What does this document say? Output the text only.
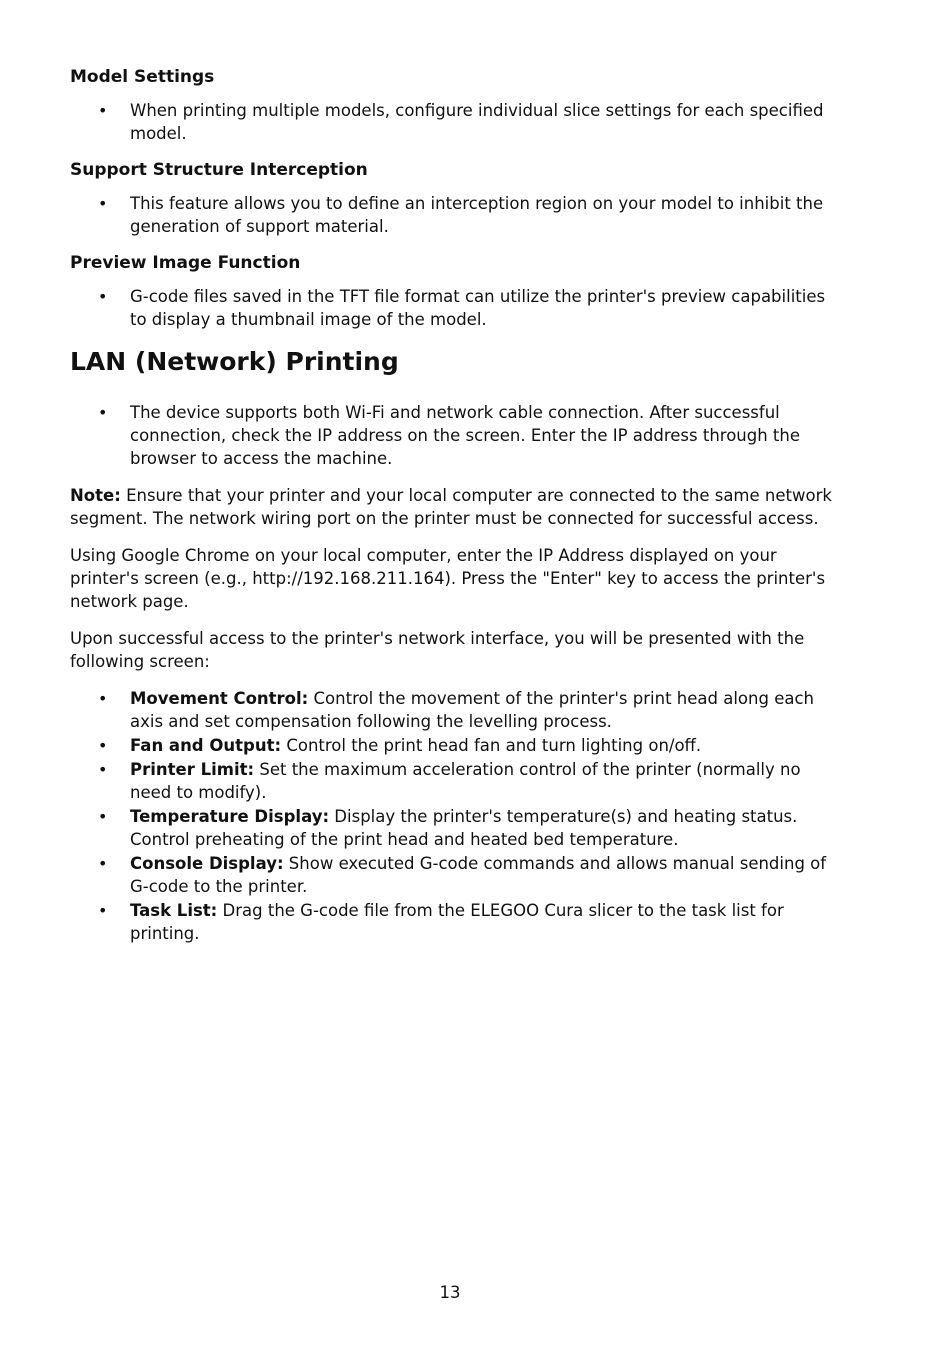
Model Settings
• When printing multiple models, configure individual slice settings for each specified model.
Support Structure Interception
• This feature allows you to define an interception region on your model to inhibit the generation of support material.
Preview Image Function
• G-code files saved in the TFT file format can utilize the printer's preview capabilities to display a thumbnail image of the model.
LAN (Network) Printing
• The device supports both Wi-Fi and network cable connection. After successful connection, check the IP address on the screen. Enter the IP address through the browser to access the machine.

Note: Ensure that your printer and your local computer are connected to the same network segment. The network wiring port on the printer must be connected for successful access.

Using Google Chrome on your local computer, enter the IP Address displayed on your printer's screen (e.g., http://192.168.211.164). Press the "Enter" key to access the printer's network page.

Upon successful access to the printer's network interface, you will be presented with the following screen:

• Movement Control: Control the movement of the printer's print head along each axis and set compensation following the levelling process.
• Fan and Output: Control the print head fan and turn lighting on/off.
• Printer Limit: Set the maximum acceleration control of the printer (normally no need to modify).
• Temperature Display: Display the printer's temperature(s) and heating status. Control preheating of the print head and heated bed temperature.
• Console Display: Show executed G-code commands and allows manual sending of G-code to the printer.
• Task List: Drag the G-code file from the ELEGOO Cura slicer to the task list for printing.
13
